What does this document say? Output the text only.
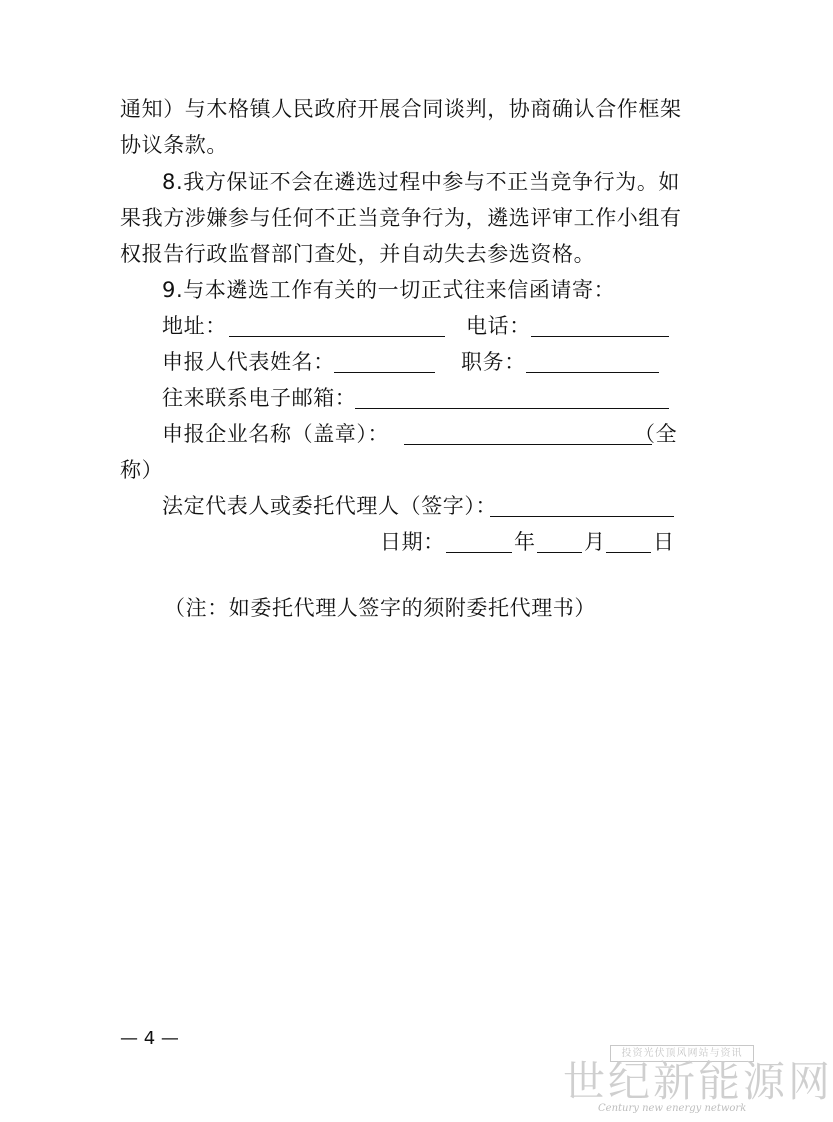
通知）与木格镇人民政府开展合同谈判，协商确认合作框架
协议条款。
8.我方保证不会在遴选过程中参与不正当竞争行为。如
果我方涉嫌参与任何不正当竞争行为，遴选评审工作小组有
权报告行政监督部门查处，并自动失去参选资格。
9.与本遴选工作有关的一切正式往来信函请寄：
地址：	电话：
申报人代表姓名：	职务：
往来联系电子邮箱：
申报企业名称（盖章）：	（全
称）
法定代表人或委托代理人（签字）：
日期：	年 月 日
（注：如委托代理人签字的须附委托代理书）
— 4 —
投资光伏顶风网站与资讯
世纪新能源网
Century new energy network
